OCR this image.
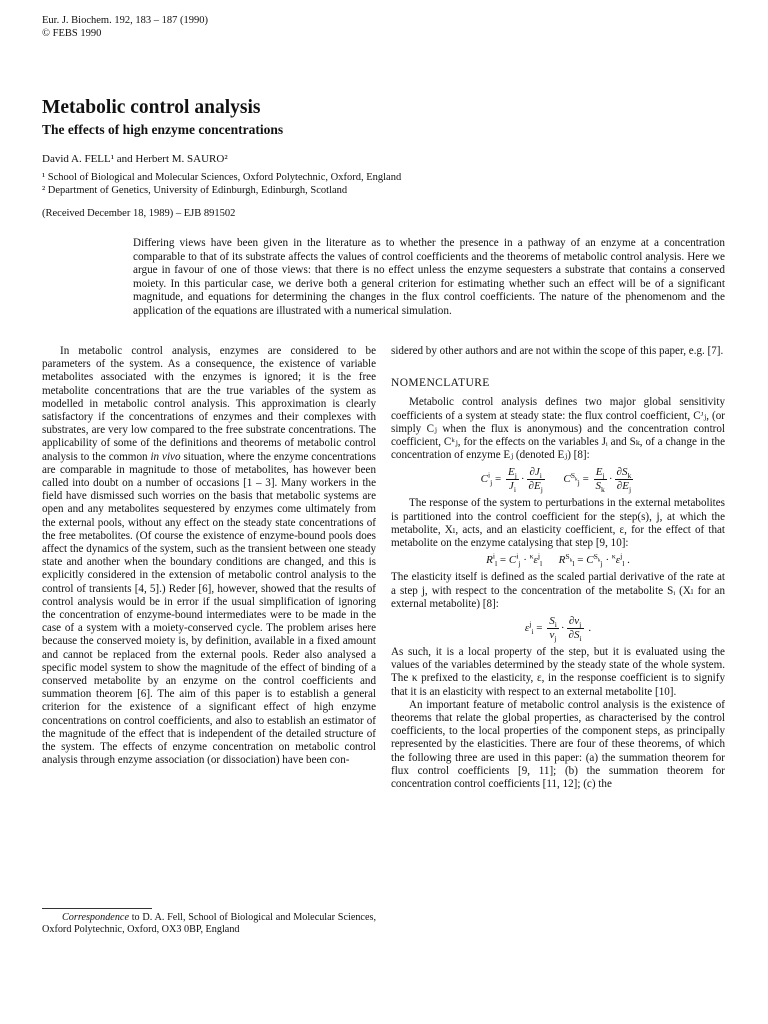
Eur. J. Biochem. 192, 183 – 187 (1990)
© FEBS 1990
Metabolic control analysis
The effects of high enzyme concentrations
David A. FELL¹ and Herbert M. SAURO²
¹ School of Biological and Molecular Sciences, Oxford Polytechnic, Oxford, England
² Department of Genetics, University of Edinburgh, Edinburgh, Scotland
(Received December 18, 1989) – EJB 891502
Differing views have been given in the literature as to whether the presence in a pathway of an enzyme at a concentration comparable to that of its substrate affects the values of control coefficients and the theorems of metabolic control analysis. Here we argue in favour of one of those views: that there is no effect unless the enzyme sequesters a substrate that contains a conserved moiety. In this particular case, we derive both a general criterion for estimating whether such an effect will be of a significant magnitude, and equations for determining the changes in the flux control coefficients. The nature of the phenomenom and the application of the equations are illustrated with a numerical simulation.

In metabolic control analysis, enzymes are considered to be parameters of the system. As a consequence, the existence of variable metabolites associated with the enzymes is ignored; it is the free metabolite concentrations that are the true variables of the system as modelled in metabolic control analysis. This approximation is clearly satisfactory if the concentrations of enzymes and their complexes with substrates, are very low compared to the free substrate concentrations. The applicability of some of the definitions and theorems of metabolic control analysis to the common in vivo situation, where the enzyme concentrations are comparable in magnitude to those of metabolites, has however been called into doubt on a number of occasions [1 – 3]. Many workers in the field have dismissed such worries on the basis that metabolic systems are open and any metabolites sequestered by enzymes come ultimately from the external pools, without any effect on the steady state concentrations of the free metabolites. (Of course the existence of enzyme-bound pools does affect the dynamics of the system, such as the transient between one steady state and another when the boundary conditions are changed, and this is explicitly considered in the extension of metabolic control analysis to the control of transients [4, 5].) Reder [6], however, showed that the results of control analysis would be in error if the usual simplification of ignoring the concentration of enzyme-bound intermediates were to be made in the case of a system with a moiety-conserved cycle. The problem arises here because the conserved moiety is, by definition, available in a fixed amount and cannot be replaced from the external pools. Reder also analysed a specific model system to show the magnitude of the effect of binding of a conserved metabolite by an enzyme on the control coefficients and summation theorem [6]. The aim of this paper is to establish a general criterion for the existence of a significant effect of high enzyme concentrations on control coefficients, and also to establish an estimator of the magnitude of the effect that is independent of the detailed structure of the system. The effects of enzyme concentration on metabolic control analysis through enzyme association (or dissociation) have been con-

Correspondence to D. A. Fell, School of Biological and Molecular Sciences, Oxford Polytechnic, Oxford, OX3 0BP, England

sidered by other authors and are not within the scope of this paper, e.g. [7].

NOMENCLATURE

Metabolic control analysis defines two major global sensitivity coefficients of a system at steady state: the flux control coefficient, Cᴶⱼ, (or simply Cⱼ when the flux is anonymous) and the concentration control coefficient, Cᵏⱼ, for the effects on the variables Jᵢ and Sₖ, of a change in the concentration of enzyme Eⱼ (denoted Eⱼ) [8]:

$C^i_j = \frac{E_j}{J_i} \cdot \frac{\partial J_i}{\partial E_j} C^{S_k}_j = \frac{E_j}{S_k} \cdot \frac{\partial S_k}{\partial E_j}$

The response of the system to perturbations in the external metabolites is partitioned into the control coefficient for the step(s), j, at which the metabolite, Xₗ, acts, and an elasticity coefficient, ε, for the effect of that metabolite on the enzyme catalysing that step [9, 10]:

$R^i_l = C^i_j \cdot ^\kappa\varepsilon^j_l$ $R^{S_k}_l = C^{S_k}_j \cdot ^\kappa\varepsilon^j_l$ .

The elasticity itself is defined as the scaled partial derivative of the rate at a step j, with respect to the concentration of the metabolite Sᵢ (Xₗ for an external metabolite) [8]:

$\varepsilon^j_i = \frac{S_i}{v_j} \cdot \frac{\partial v_j}{\partial S_i}$ .

As such, it is a local property of the step, but it is evaluated using the values of the variables determined by the steady state of the whole system. The κ prefixed to the elasticity, ε, in the response coefficient is to signify that it is an elasticity with respect to an external metabolite [10].

An important feature of metabolic control analysis is the existence of theorems that relate the global properties, as characterised by the control coefficients, to the local properties of the component steps, as principally represented by the elasticities. There are four of these theorems, of which the following three are used in this paper: (a) the summation theorem for flux control coefficients [9, 11]; (b) the summation theorem for concentration control coefficients [11, 12]; (c) the
